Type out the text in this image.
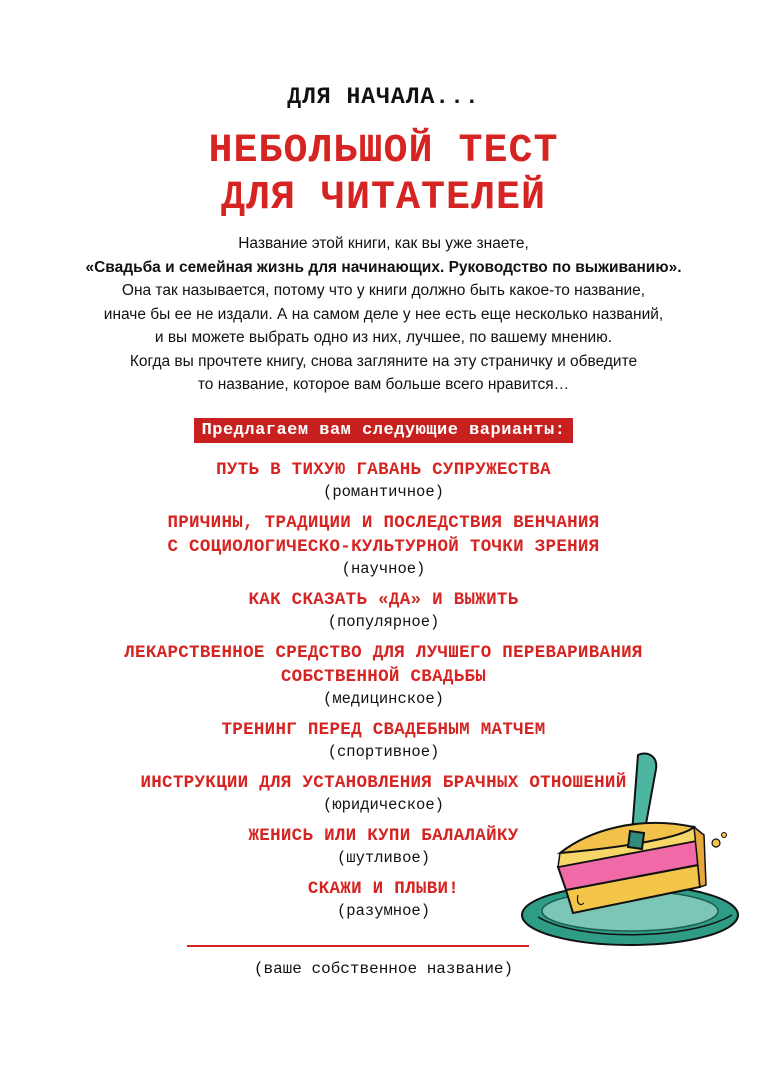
ДЛЯ НАЧАЛА...
НЕБОЛЬШОЙ ТЕСТ
ДЛЯ ЧИТАТЕЛЕЙ
Название этой книги, как вы уже знаете,
«Свадьба и семейная жизнь для начинающих. Руководство по выживанию».
Она так называется, потому что у книги должно быть какое-то название,
иначе бы ее не издали. А на самом деле у нее есть еще несколько названий,
и вы можете выбрать одно из них, лучшее, по вашему мнению.
Когда вы прочтете книгу, снова загляните на эту страничку и обведите
то название, которое вам больше всего нравится…
Предлагаем вам следующие варианты:
ПУТЬ В ТИХУЮ ГАВАНЬ СУПРУЖЕСТВА
(романтичное)
ПРИЧИНЫ, ТРАДИЦИИ И ПОСЛЕДСТВИЯ ВЕНЧАНИЯ
С СОЦИОЛОГИЧЕСКО-КУЛЬТУРНОЙ ТОЧКИ ЗРЕНИЯ
(научное)
КАК СКАЗАТЬ «ДА» И ВЫЖИТЬ
(популярное)
ЛЕКАРСТВЕННОЕ СРЕДСТВО ДЛЯ ЛУЧШЕГО ПЕРЕВАРИВАНИЯ
СОБСТВЕННОЙ СВАДЬБЫ
(медицинское)
ТРЕНИНГ ПЕРЕД СВАДЕБНЫМ МАТЧЕМ
(спортивное)
ИНСТРУКЦИИ ДЛЯ УСТАНОВЛЕНИЯ БРАЧНЫХ ОТНОШЕНИЙ
(юридическое)
ЖЕНИСЬ ИЛИ КУПИ БАЛАЛАЙКУ
(шутливое)
СКАЖИ И ПЛЫВИ!
(разумное)
(ваше собственное название)
